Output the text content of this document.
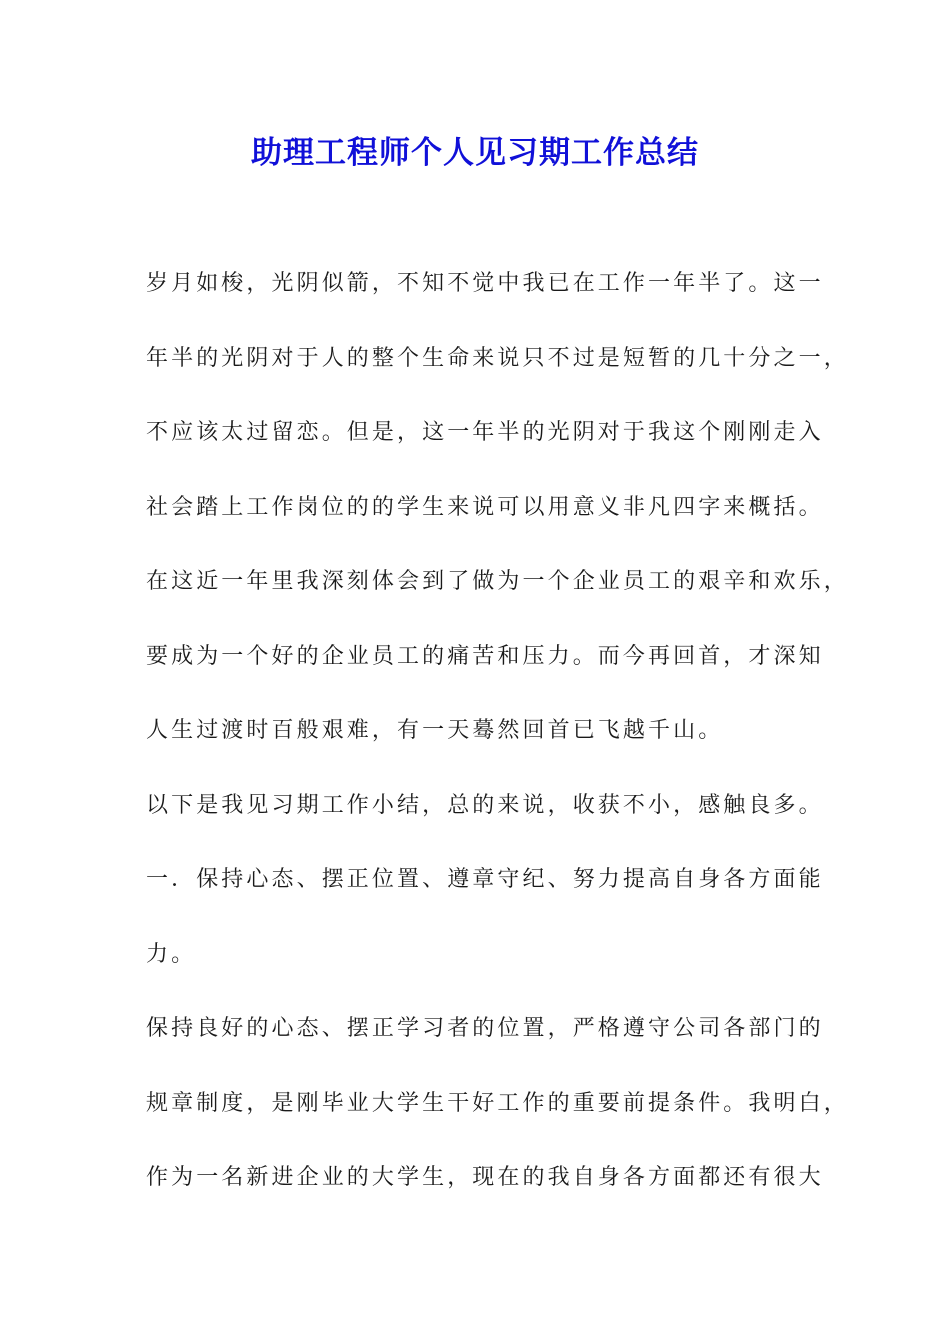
助理工程师个人见习期工作总结
岁月如梭，光阴似箭，不知不觉中我已在工作一年半了。这一
年半的光阴对于人的整个生命来说只不过是短暂的几十分之一，
不应该太过留恋。但是，这一年半的光阴对于我这个刚刚走入
社会踏上工作岗位的的学生来说可以用意义非凡四字来概括。
在这近一年里我深刻体会到了做为一个企业员工的艰辛和欢乐，
要成为一个好的企业员工的痛苦和压力。而今再回首，才深知
人生过渡时百般艰难，有一天蓦然回首已飞越千山。
以下是我见习期工作小结，总的来说，收获不小，感触良多。
一．保持心态、摆正位置、遵章守纪、努力提高自身各方面能
力。
保持良好的心态、摆正学习者的位置，严格遵守公司各部门的
规章制度，是刚毕业大学生干好工作的重要前提条件。我明白，
作为一名新进企业的大学生，现在的我自身各方面都还有很大
